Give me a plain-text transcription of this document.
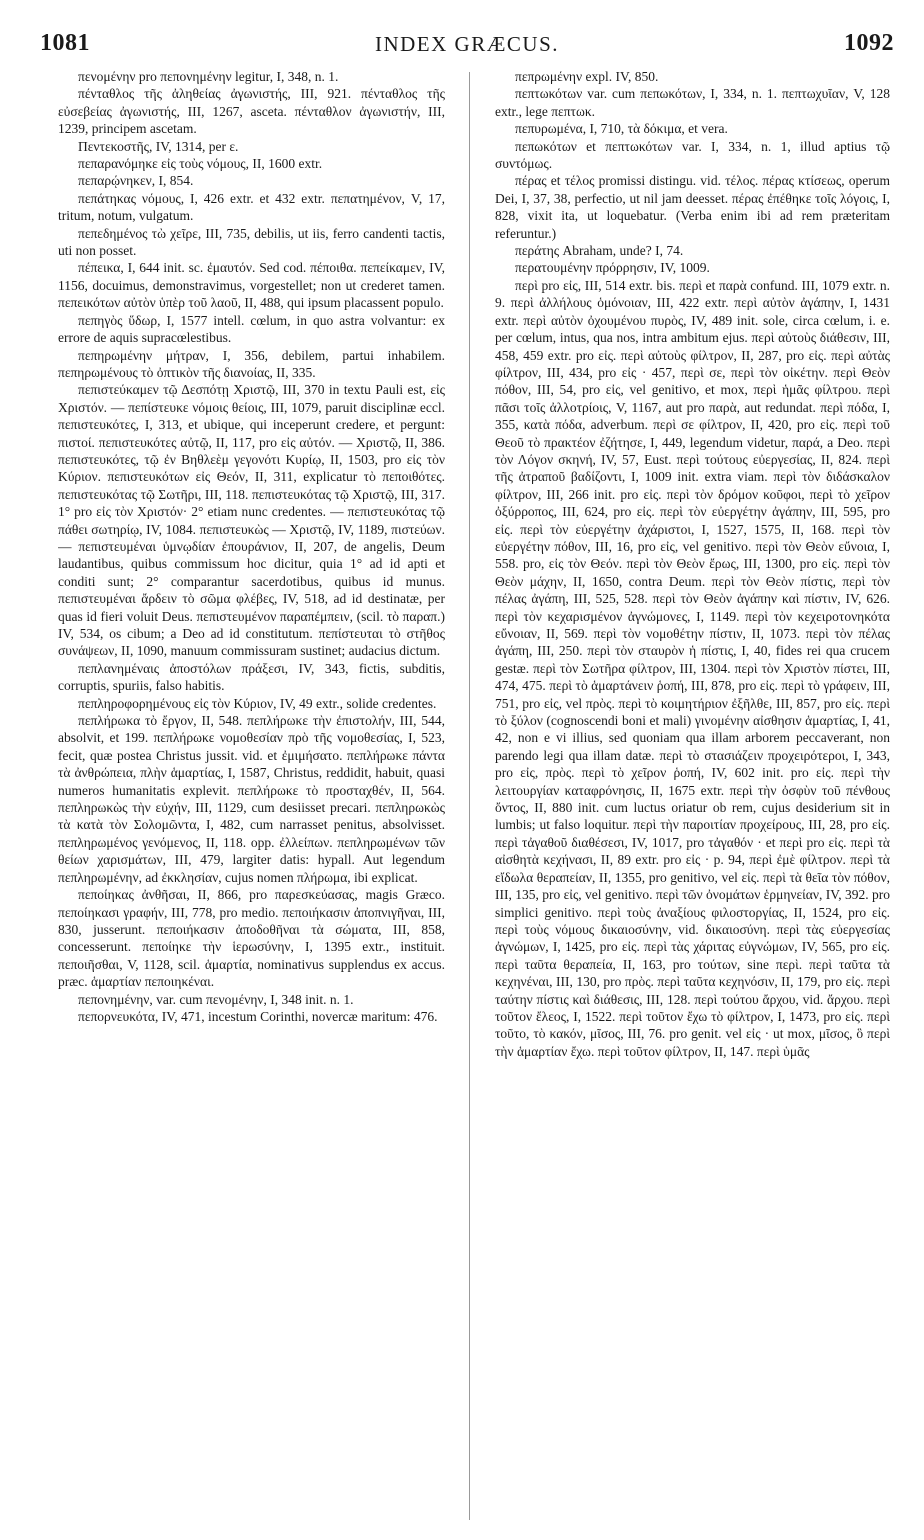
1081	INDEX GRÆCUS.	1092

πενομένην pro πεπονημένην legitur, I, 348, n. 1.

πένταθλος τῆς ἀληθείας ἀγωνιστής, III, 921. πένταθλος τῆς εὐσεβείας ἀγωνιστής, III, 1267, asceta. πένταθλον ἀγωνιστήν, III, 1239, principem ascetam.

Πεντεκοστῆς, IV, 1314, per ε.

πεπαρανόμηκε εἰς τοὺς νόμους, II, 1600 extr.

πεπαρῴνηκεν, I, 854.

πεπάτηκας νόμους, I, 426 extr. et 432 extr. πεπατημένον, V, 17, tritum, notum, vulgatum.

πεπεδημένος τὼ χεῖρε, III, 735, debilis, ut iis, ferro candenti tactis, uti non posset.

πέπεικα, I, 644 init. sc. ἐμαυτόν. Sed cod. πέποιθα. πεπείκαμεν, IV, 1156, docuimus, demonstravimus, vorgestellet; non ut crederet tamen. πεπεικότων αὐτὸν ὑπὲρ τοῦ λαοῦ, II, 488, qui ipsum placassent populo.

πεπηγὸς ὕδωρ, I, 1577 intell. cœlum, in quo astra volvantur: ex errore de aquis supracœlestibus.

πεπηρωμένην μήτραν, I, 356, debilem, partui inhabilem. πεπηρωμένους τὸ ὀπτικὸν τῆς διανοίας, II, 335.

πεπιστεύκαμεν τῷ Δεσπότῃ Χριστῷ, III, 370 in textu Pauli est, εἰς Χριστόν. — πεπίστευκε νόμοις θείοις, III, 1079, paruit disciplinæ eccl. πεπιστευκότες, I, 313, et ubique, qui inceperunt credere, et pergunt: πιστοί. πεπιστευκότες αὐτῷ, II, 117, pro εἰς αὐτόν. — Χριστῷ, II, 386. πεπιστευκότες, τῷ ἐν Βηθλεὲμ γεγονότι Κυρίῳ, II, 1503, pro εἰς τὸν Κύριον. πεπιστευκότων εἰς Θεόν, II, 311, explicatur τὸ πεποιθότες. πεπιστευκότας τῷ Σωτῆρι, III, 118. πεπιστευκότας τῷ Χριστῷ, III, 317. 1° pro εἰς τὸν Χριστόν· 2° etiam nunc credentes. — πεπιστευκότας τῷ πάθει σωτηρίῳ, IV, 1084. πεπιστευκὼς — Χριστῷ, IV, 1189, πιστεύων. — πεπιστευμέναι ὑμνῳδίαν ἐπουράνιον, II, 207, de angelis, Deum laudantibus, quibus commissum hoc dicitur, quia 1° ad id apti et conditi sunt; 2° comparantur sacerdotibus, quibus id munus. πεπιστευμέναι ἄρδειν τὸ σῶμα φλέβες, IV, 518, ad id destinatæ, per quas id fieri voluit Deus. πεπιστευμένον παραπέμπειν, (scil. τὸ παραπ.) IV, 534, os cibum; a Deo ad id constitutum. πεπίστευται τὸ στῆθος συνάψεων, II, 1090, manuum commissuram sustinet; audacius dictum.

πεπλανημέναις ἀποστόλων πράξεσι, IV, 343, fictis, subditis, corruptis, spuriis, falso habitis.

πεπληροφορημένους εἰς τὸν Κύριον, IV, 49 extr., solide credentes.

πεπλήρωκα τὸ ἔργον, II, 548. πεπλήρωκε τὴν ἐπιστολήν, III, 544, absolvit, et 199. πεπλήρωκε νομοθεσίαν πρὸ τῆς νομοθεσίας, I, 523, fecit, quæ postea Christus jussit. vid. et ἐμιμήσατο. πεπλήρωκε πάντα τὰ ἀνθρώπεια, πλὴν ἁμαρτίας, I, 1587, Christus, reddidit, habuit, quasi numeros humanitatis explevit. πεπλήρωκε τὸ προσταχθέν, II, 564. πεπληρωκὼς τὴν εὐχήν, III, 1129, cum desiisset precari. πεπληρωκὼς τὰ κατὰ τὸν Σολομῶντα, I, 482, cum narrasset penitus, absolvisset. πεπληρωμένος γενόμενος, II, 118. opp. ἐλλείπων. πεπληρωμένων τῶν θείων χαρισμάτων, III, 479, largiter datis: hypall. Aut legendum πεπληρωμένην, ad ἐκκλησίαν, cujus nomen πλήρωμα, ibi explicat.

πεποίηκας ἀνθῆσαι, II, 866, pro παρεσκεύασας, magis Græco. πεποίηκασι γραφήν, III, 778, pro medio. πεποιήκασιν ἀποπνιγῆναι, III, 830, jusserunt. πεποιήκασιν ἀποδοθῆναι τὰ σώματα, III, 858, concesserunt. πεποίηκε τὴν ἱερωσύνην, I, 1395 extr., instituit. πεποιῆσθαι, V, 1128, scil. ἁμαρτία, nominativus supplendus ex accus. præc. ἁμαρτίαν πεποιηκέναι.

πεπονημένην, var. cum πενομένην, I, 348 init. n. 1.

πεπορνευκότα, IV, 471, incestum Corinthi, novercæ maritum: 476.

πεπρωμένην expl. IV, 850.

πεπτωκότων var. cum πεπωκότων, I, 334, n. 1. πεπτωχυῖαν, V, 128 extr., lege πεπτωκ.

πεπυρωμένα, I, 710, τὰ δόκιμα, et vera.

πεπωκότων et πεπτωκότων var. I, 334, n. 1, illud aptius τῷ συντόμως.

πέρας et τέλος promissi distingu. vid. τέλος. πέρας κτίσεως, operum Dei, I, 37, 38, perfectio, ut nil jam deesset. πέρας ἐπέθηκε τοῖς λόγοις, I, 828, vixit ita, ut loquebatur. (Verba enim ibi ad rem præteritam referuntur.)

περάτης Abraham, unde? I, 74.

περατουμένην πρόρρησιν, IV, 1009.

περὶ pro εἰς, III, 514 extr. bis. περὶ et παρὰ confund. III, 1079 extr. n. 9. περὶ ἀλλήλους ὁμόνοιαν, III, 422 extr. περὶ αὐτὸν ἀγάπην, I, 1431 extr. περὶ αὐτὸν ὀχουμένου πυρὸς, IV, 489 init. sole, circa cœlum, i. e. per cœlum, intus, qua nos, intra ambitum ejus. περὶ αὐτοὺς διάθεσιν, III, 458, 459 extr. pro εἰς. περὶ αὐτοὺς φίλτρον, II, 287, pro εἰς. περὶ αὐτὰς φίλτρον, III, 434, pro εἰς · 457, περὶ σε, περὶ τὸν οἰκέτην. περὶ Θεὸν πόθον, III, 54, pro εἰς, vel genitivo, et mox, περὶ ἡμᾶς φίλτρου. περὶ πᾶσι τοῖς ἀλλοτρίοις, V, 1167, aut pro παρὰ, aut redundat. περὶ πόδα, I, 355, κατὰ πόδα, adverbum. περὶ σε φίλτρον, II, 420, pro εἰς. περὶ τοῦ Θεοῦ τὸ πρακτέον ἐζήτησε, I, 449, legendum videtur, παρά, a Deo. περὶ τὸν Λόγον σκηνή, IV, 57, Eust. περὶ τούτους εὐεργεσίας, II, 824. περὶ τῆς ἀτραποῦ βαδίζοντι, I, 1009 init. extra viam. περὶ τὸν διδάσκαλον φίλτρον, III, 266 init. pro εἰς. περὶ τὸν δρόμον κοῦφοι, περὶ τὸ χεῖρον ὀξύρροπος, III, 624, pro εἰς. περὶ τὸν εὐεργέτην ἀγάπην, III, 595, pro εἰς. περὶ τὸν εὐεργέτην ἀχάριστοι, I, 1527, 1575, II, 168. περὶ τὸν εὐεργέτην πόθον, III, 16, pro εἰς, vel genitivo. περὶ τὸν Θεὸν εὔνοια, I, 558. pro, εἰς τὸν Θεόν. περὶ τὸν Θεὸν ἔρως, III, 1300, pro εἰς. περὶ τὸν Θεὸν μάχην, II, 1650, contra Deum. περὶ τὸν Θεὸν πίστις, περὶ τὸν πέλας ἀγάπη, III, 525, 528. περὶ τὸν Θεὸν ἀγάπην καὶ πίστιν, IV, 626. περὶ τὸν κεχαρισμένον ἀγνώμονες, I, 1149. περὶ τὸν κεχειροτονηκότα εὔνοιαν, II, 569. περὶ τὸν νομοθέτην πίστιν, II, 1073. περὶ τὸν πέλας ἀγάπη, III, 250. περὶ τὸν σταυρὸν ἡ πίστις, I, 40, fides rei qua crucem gestæ. περὶ τὸν Σωτῆρα φίλτρον, III, 1304. περὶ τὸν Χριστὸν πίστει, III, 474, 475. περὶ τὸ ἁμαρτάνειν ῥοπή, III, 878, pro εἰς. περὶ τὸ γράφειν, III, 751, pro εἰς, vel πρὸς. περὶ τὸ κοιμητήριον ἐξῆλθε, III, 857, pro εἰς. περὶ τὸ ξύλον (cognoscendi boni et mali) γινομένην αἰσθησιν ἁμαρτίας, I, 41, 42, non e vi illius, sed quoniam qua illam arborem peccaverant, non parendo legi qua illam datæ. περὶ τὸ στασιάζειν προχειρότεροι, I, 343, pro εἰς, πρὸς. περὶ τὸ χεῖρον ῥοπή, IV, 602 init. pro εἰς. περὶ τὴν λειτουργίαν καταφρόνησις, II, 1675 extr. περὶ τὴν ὀσφὺν τοῦ πένθους ὄντος, II, 880 init. cum luctus oriatur ob rem, cujus desiderium sit in lumbis; ut falso loquitur. περὶ τὴν παροιτίαν προχείρους, III, 28, pro εἰς. περὶ τἀγαθοῦ διαθέσεσι, IV, 1017, pro τἀγαθόν · et περὶ pro εἰς. περὶ τὰ αἰσθητὰ κεχήνασι, II, 89 extr. pro εἰς · p. 94, περὶ ἐμὲ φίλτρον. περὶ τὰ εἴδωλα θεραπείαν, II, 1355, pro genitivo, vel εἰς. περὶ τὰ θεῖα τὸν πόθον, III, 135, pro εἰς, vel genitivo. περὶ τῶν ὀνομάτων ἑρμηνείαν, IV, 392. pro simplici genitivo. περὶ τοὺς ἀναξίους φιλοστοργίας, II, 1524, pro εἰς. περὶ τοὺς νόμους δικαιοσύνην, vid. δικαιοσύνη. περὶ τὰς εὐεργεσίας ἀγνώμων, I, 1425, pro εἰς. περὶ τὰς χάριτας εὐγνώμων, IV, 565, pro εἰς. περὶ ταῦτα θεραπεία, II, 163, pro τούτων, sine περὶ. περὶ ταῦτα τὰ κεχηνέναι, III, 130, pro πρὸς. περὶ ταῦτα κεχηνόσιν, II, 179, pro εἰς. περὶ ταύτην πίστις καὶ διάθεσις, III, 128. περὶ τούτου ἄρχου, vid. ἄρχου. περὶ τοῦτον ἔλεος, I, 1522. περὶ τοῦτον ἔχω τὸ φίλτρον, I, 1473, pro εἰς. περὶ τοῦτο, τὸ κακόν, μῖσος, III, 76. pro genit. vel εἰς · ut mox, μῖσος, ὃ περὶ τὴν ἁμαρτίαν ἔχω. περὶ τοῦτον φίλτρον, II, 147. περὶ ὑμᾶς
